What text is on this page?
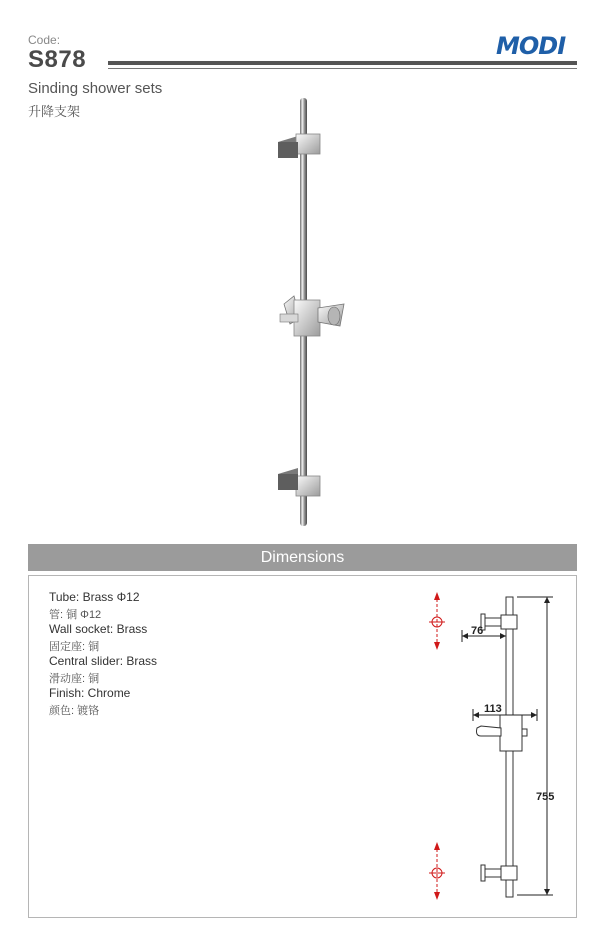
Code:
S878	MODI
Sinding shower sets
升降支架
Dimensions
Tube: Brass Φ12
管: 铜 Φ12
Wall socket: Brass
固定座: 铜
Central slider: Brass
滑动座: 铜
Finish: Chrome
颜色: 镀铬
76
113
755
